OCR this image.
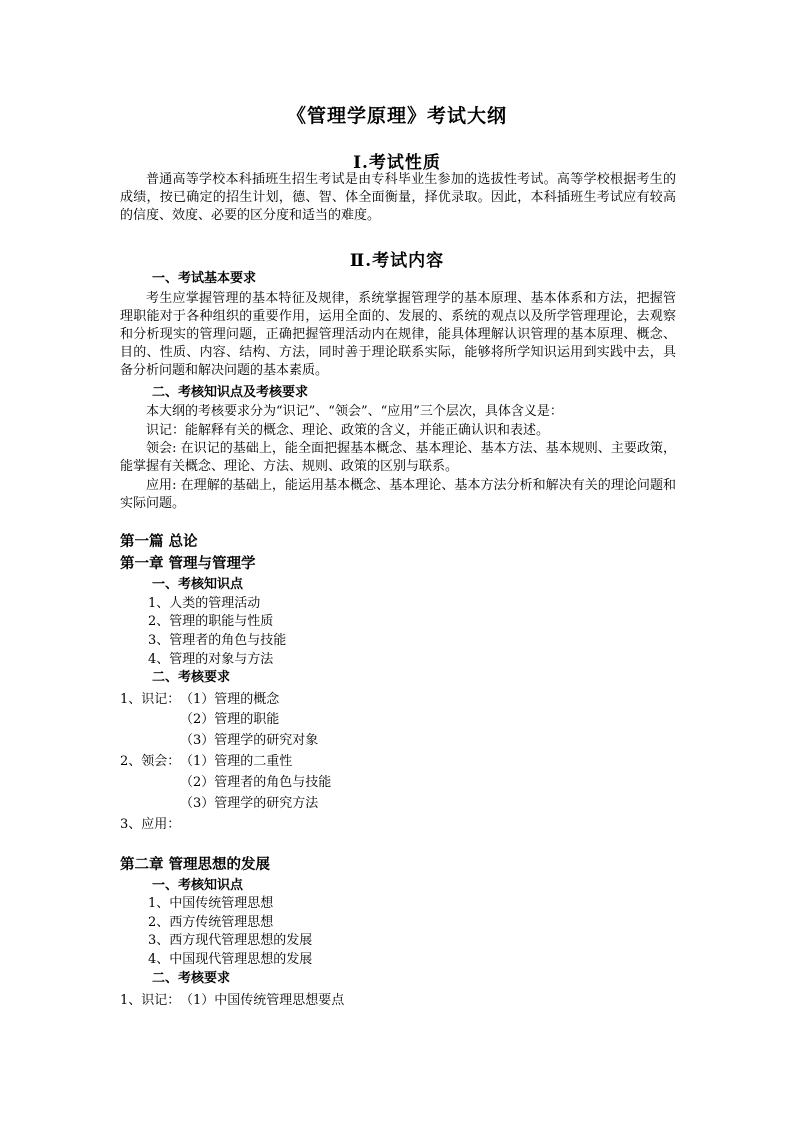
《管理学原理》考试大纲
Ⅰ.考试性质

普通高等学校本科插班生招生考试是由专科毕业生参加的选拔性考试。高等学校根据考生的成绩，按已确定的招生计划，德、智、体全面衡量，择优录取。因此，本科插班生考试应有较高的信度、效度、必要的区分度和适当的难度。

Ⅱ.考试内容
一、考试基本要求

考生应掌握管理的基本特征及规律，系统掌握管理学的基本原理、基本体系和方法，把握管理职能对于各种组织的重要作用，运用全面的、发展的、系统的观点以及所学管理理论，去观察和分析现实的管理问题，正确把握管理活动内在规律，能具体理解认识管理的基本原理、概念、目的、性质、内容、结构、方法，同时善于理论联系实际，能够将所学知识运用到实践中去，具备分析问题和解决问题的基本素质。

二、考核知识点及考核要求
本大纲的考核要求分为“识记”、“领会”、“应用”三个层次，具体含义是：
识记：能解释有关的概念、理论、政策的含义，并能正确认识和表述。

领会: 在识记的基础上，能全面把握基本概念、基本理论、基本方法、基本规则、主要政策，能掌握有关概念、理论、方法、规则、政策的区别与联系。

应用: 在理解的基础上，能运用基本概念、基本理论、基本方法分析和解决有关的理论问题和实际问题。

第一篇 总论
第一章 管理与管理学
一、考核知识点
1、人类的管理活动
2、管理的职能与性质
3、管理者的角色与技能
4、管理的对象与方法
二、考核要求
1、识记： （1）管理的概念
（2）管理的职能
（3）管理学的研究对象
2、领会： （1）管理的二重性
（2）管理者的角色与技能
（3）管理学的研究方法
3、应用：
第二章 管理思想的发展
一、考核知识点
1、中国传统管理思想
2、西方传统管理思想
3、西方现代管理思想的发展
4、中国现代管理思想的发展
二、考核要求
1、识记： （1）中国传统管理思想要点
